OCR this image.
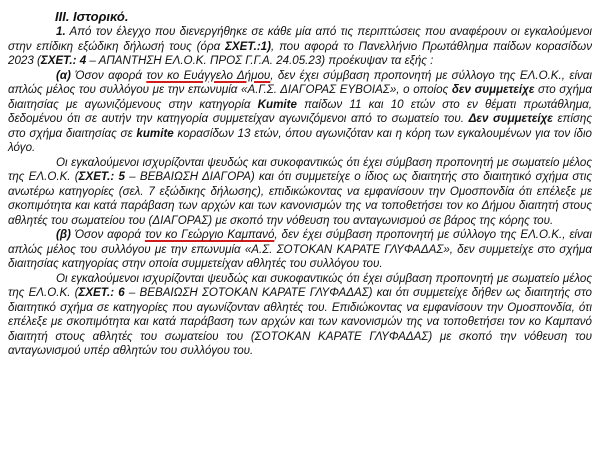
III. Ιστορικό.

1. Από τον έλεγχο που διενεργήθηκε σε κάθε μία από τις περιπτώσεις που αναφέρουν οι εγκαλούμενοι στην επίδικη εξώδικη δήλωσή τους (όρα ΣΧΕΤ.:1), που αφορά το Πανελλήνιο Πρωτάθλημα παίδων κορασίδων 2023 (ΣΧΕΤ.: 4 – ΑΠΑΝΤΗΣΗ ΕΛ.Ο.Κ. ΠΡΟΣ Γ.Γ.Α. 24.05.23) προέκυψαν τα εξής :

(α) Όσον αφορά τον κο Ευάγγελο Δήμου, δεν έχει σύμβαση προπονητή με σύλλογο της ΕΛ.Ο.Κ., είναι απλώς μέλος του συλλόγου με την επωνυμία «Α.Γ.Σ. ΔΙΑΓΟΡΑΣ ΕΥΒΟΙΑΣ», ο οποίος δεν συμμετείχε στο σχήμα διαιτησίας με αγωνιζόμενους στην κατηγορία Kumite παίδων 11 και 10 ετών στο εν θέματι πρωτάθλημα, δεδομένου ότι σε αυτήν την κατηγορία συμμετείχαν αγωνιζόμενοι από το σωματείο του. Δεν συμμετείχε επίσης στο σχήμα διαιτησίας σε kumite κορασίδων 13 ετών, όπου αγωνιζόταν και η κόρη των εγκαλουμένων για τον ίδιο λόγο.

Οι εγκαλούμενοι ισχυρίζονται ψευδώς και συκοφαντικώς ότι έχει σύμβαση προπονητή με σωματείο μέλος της ΕΛ.Ο.Κ. (ΣΧΕΤ.: 5 – ΒΕΒΑΙΩΣΗ ΔΙΑΓΟΡΑ) και ότι συμμετείχε ο ίδιος ως διαιτητής στο διαιτητικό σχήμα στις ανωτέρω κατηγορίες (σελ. 7 εξώδικης δήλωσης), επιδικώκοντας να εμφανίσουν την Ομοσπονδία ότι επέλεξε με σκοπιμότητα και κατά παράβαση των αρχών και των κανονισμών της να τοποθετήσει τον κο Δήμου διαιτητή στους αθλητές του σωματείου του (ΔΙΑΓΟΡΑΣ) με σκοπό την νόθευση του ανταγωνισμού σε βάρος της κόρης του.

(β) Όσον αφορά τον κο Γεώργιο Καμπανό, δεν έχει σύμβαση προπονητή με σύλλογο της ΕΛ.Ο.Κ., είναι απλώς μέλος του συλλόγου με την επωνυμία «Α.Σ. ΣΟΤΟΚΑΝ ΚΑΡΑΤΕ ΓΛΥΦΑΔΑΣ», δεν συμμετείχε στο σχήμα διαιτησίας κατηγορίας στην οποία συμμετείχαν αθλητές του συλλόγου του.

Οι εγκαλούμενοι ισχυρίζονται ψευδώς και συκοφαντικώς ότι έχει σύμβαση προπονητή με σωματείο μέλος της ΕΛ.Ο.Κ. (ΣΧΕΤ.: 6 – ΒΕΒΑΙΩΣΗ ΣΟΤΟΚΑΝ ΚΑΡΑΤΕ ΓΛΥΦΑΔΑΣ) και ότι συμμετείχε δήθεν ως διαιτητής στο διαιτητικό σχήμα σε κατηγορίες που αγωνίζονταν αθλητές του. Επιδιώκοντας να εμφανίσουν την Ομοσπονδία, ότι επέλεξε με σκοπιμότητα και κατά παράβαση των αρχών και των κανονισμών της να τοποθετήσει τον κο Καμπανό διαιτητή στους αθλητές του σωματείου του (ΣΟΤΟΚΑΝ ΚΑΡΑΤΕ ΓΛΥΦΑΔΑΣ) με σκοπό την νόθευση του ανταγωνισμού υπέρ αθλητών του συλλόγου του.
